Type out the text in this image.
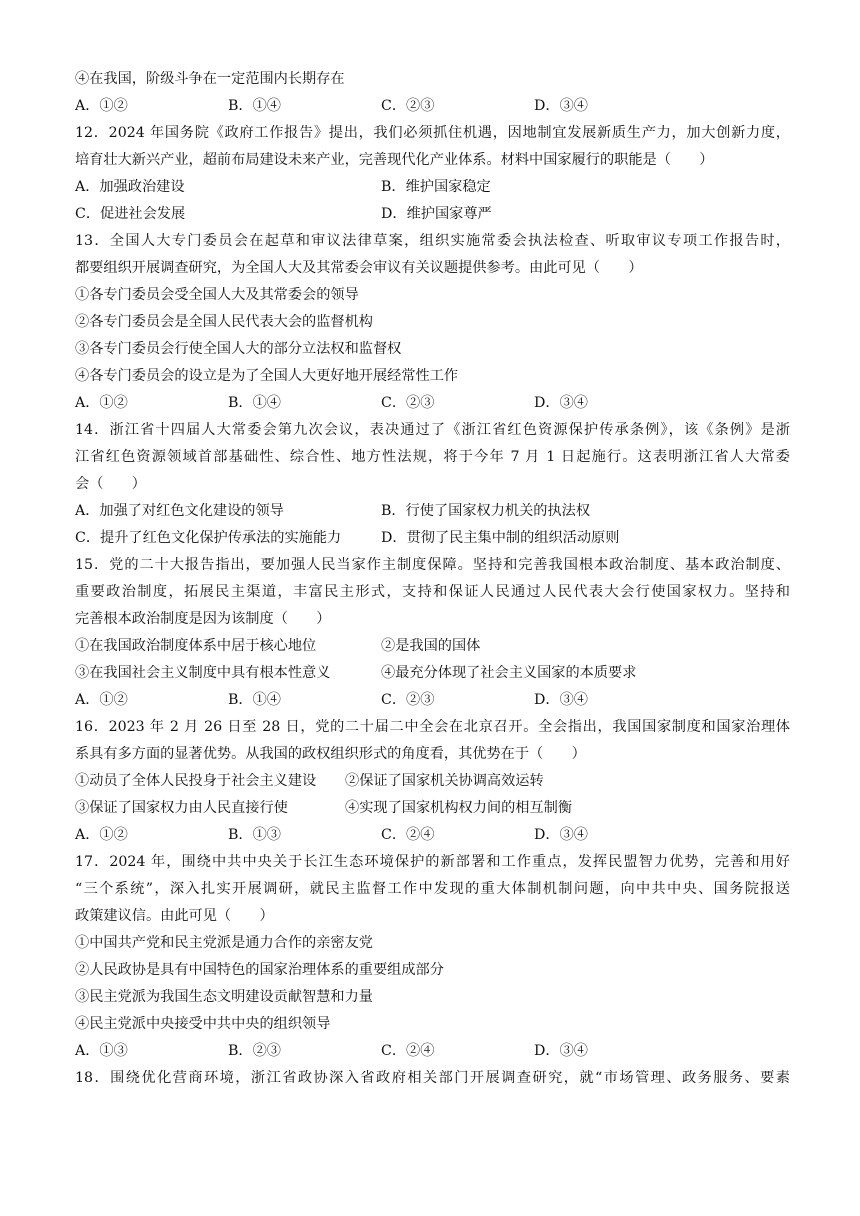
④在我国，阶级斗争在一定范围内长期存在
A．①②	B．①④	C．②③	D．③④
12．2024 年国务院《政府工作报告》提出，我们必须抓住机遇，因地制宜发展新质生产力，加大创新力度，
培育壮大新兴产业，超前布局建设未来产业，完善现代化产业体系。材料中国家履行的职能是（　　）
A．加强政治建设	B．维护国家稳定
C．促进社会发展	D．维护国家尊严
13．全国人大专门委员会在起草和审议法律草案，组织实施常委会执法检查、听取审议专项工作报告时，
都要组织开展调查研究，为全国人大及其常委会审议有关议题提供参考。由此可见（　　）
①各专门委员会受全国人大及其常委会的领导
②各专门委员会是全国人民代表大会的监督机构
③各专门委员会行使全国人大的部分立法权和监督权
④各专门委员会的设立是为了全国人大更好地开展经常性工作
A．①②	B．①④	C．②③	D．③④
14．浙江省十四届人大常委会第九次会议，表决通过了《浙江省红色资源保护传承条例》，该《条例》是浙
江省红色资源领域首部基础性、综合性、地方性法规，将于今年 7 月 1 日起施行。这表明浙江省人大常委
会（　　）
A．加强了对红色文化建设的领导	B．行使了国家权力机关的执法权
C．提升了红色文化保护传承法的实施能力	D．贯彻了民主集中制的组织活动原则
15．党的二十大报告指出，要加强人民当家作主制度保障。坚持和完善我国根本政治制度、基本政治制度、
重要政治制度，拓展民主渠道，丰富民主形式，支持和保证人民通过人民代表大会行使国家权力。坚持和
完善根本政治制度是因为该制度（　　）
①在我国政治制度体系中居于核心地位	②是我国的国体
③在我国社会主义制度中具有根本性意义	④最充分体现了社会主义国家的本质要求
A．①②	B．①④	C．②③	D．③④
16．2023 年 2 月 26 日至 28 日，党的二十届二中全会在北京召开。全会指出，我国国家制度和国家治理体
系具有多方面的显著优势。从我国的政权组织形式的角度看，其优势在于（　　）
①动员了全体人民投身于社会主义建设	②保证了国家机关协调高效运转
③保证了国家权力由人民直接行使	④实现了国家机构权力间的相互制衡
A．①②	B．①③	C．②④	D．③④
17．2024 年，围绕中共中央关于长江生态环境保护的新部署和工作重点，发挥民盟智力优势，完善和用好
“三个系统”，深入扎实开展调研，就民主监督工作中发现的重大体制机制问题，向中共中央、国务院报送
政策建议信。由此可见（　　）
①中国共产党和民主党派是通力合作的亲密友党
②人民政协是具有中国特色的国家治理体系的重要组成部分
③民主党派为我国生态文明建设贡献智慧和力量
④民主党派中央接受中共中央的组织领导
A．①③	B．②③	C．②④	D．③④
18．围绕优化营商环境，浙江省政协深入省政府相关部门开展调查研究，就“市场管理、政务服务、要素
